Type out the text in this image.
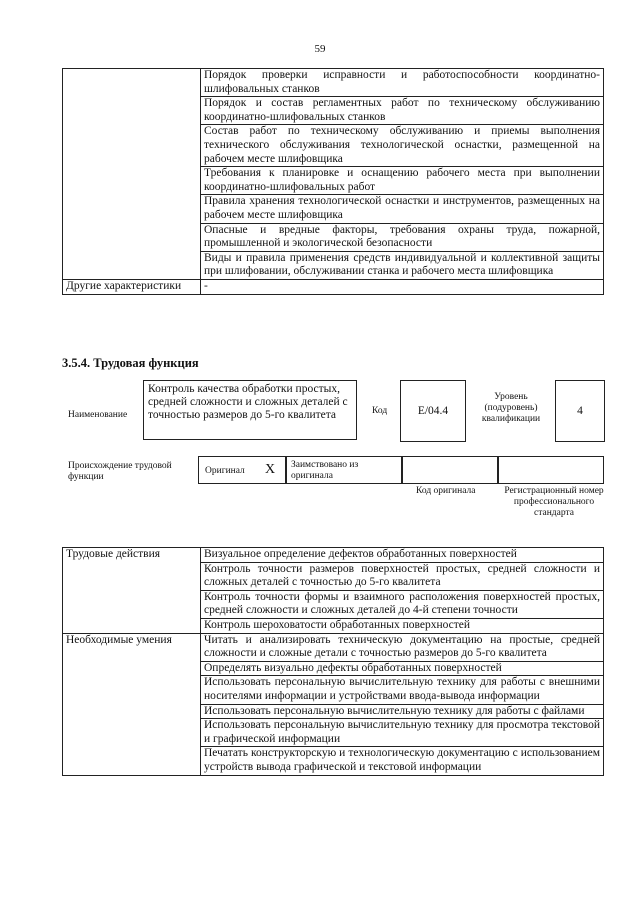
59
	Порядок проверки исправности и работоспособности координатно-шлифовальных станков
	Порядок и состав регламентных работ по техническому обслуживанию координатно-шлифовальных станков
	Состав работ по техническому обслуживанию и приемы выполнения технического обслуживания технологической оснастки, размещенной на рабочем месте шлифовщика
	Требования к планировке и оснащению рабочего места при выполнении координатно-шлифовальных работ
	Правила хранения технологической оснастки и инструментов, размещенных на рабочем месте шлифовщика
	Опасные и вредные факторы, требования охраны труда, пожарной, промышленной и экологической безопасности
	Виды и правила применения средств индивидуальной и коллективной защиты при шлифовании, обслуживании станка и рабочего места шлифовщика
Другие характеристики	-
3.5.4. Трудовая функция
Наименование
Контроль качества обработки простых, средней сложности и сложных деталей с точностью размеров до 5-го квалитета	Код	E/04.4
Уровень (подуровень) квалификации
4
Происхождение трудовой функции
Оригинал X Заимствовано из оригинала
Код оригинала	Регистрационный номер профессионального стандарта
Трудовые действия	Визуальное определение дефектов обработанных поверхностей
	Контроль точности размеров поверхностей простых, средней сложности и сложных деталей с точностью до 5-го квалитета
	Контроль точности формы и взаимного расположения поверхностей простых, средней сложности и сложных деталей до 4-й степени точности
	Контроль шероховатости обработанных поверхностей
Необходимые умения	Читать и анализировать техническую документацию на простые, средней сложности и сложные детали с точностью размеров до 5-го квалитета
	Определять визуально дефекты обработанных поверхностей
	Использовать персональную вычислительную технику для работы с внешними носителями информации и устройствами ввода-вывода информации
	Использовать персональную вычислительную технику для работы с файлами
	Использовать персональную вычислительную технику для просмотра текстовой и графической информации
	Печатать конструкторскую и технологическую документацию с использованием устройств вывода графической и текстовой информации
